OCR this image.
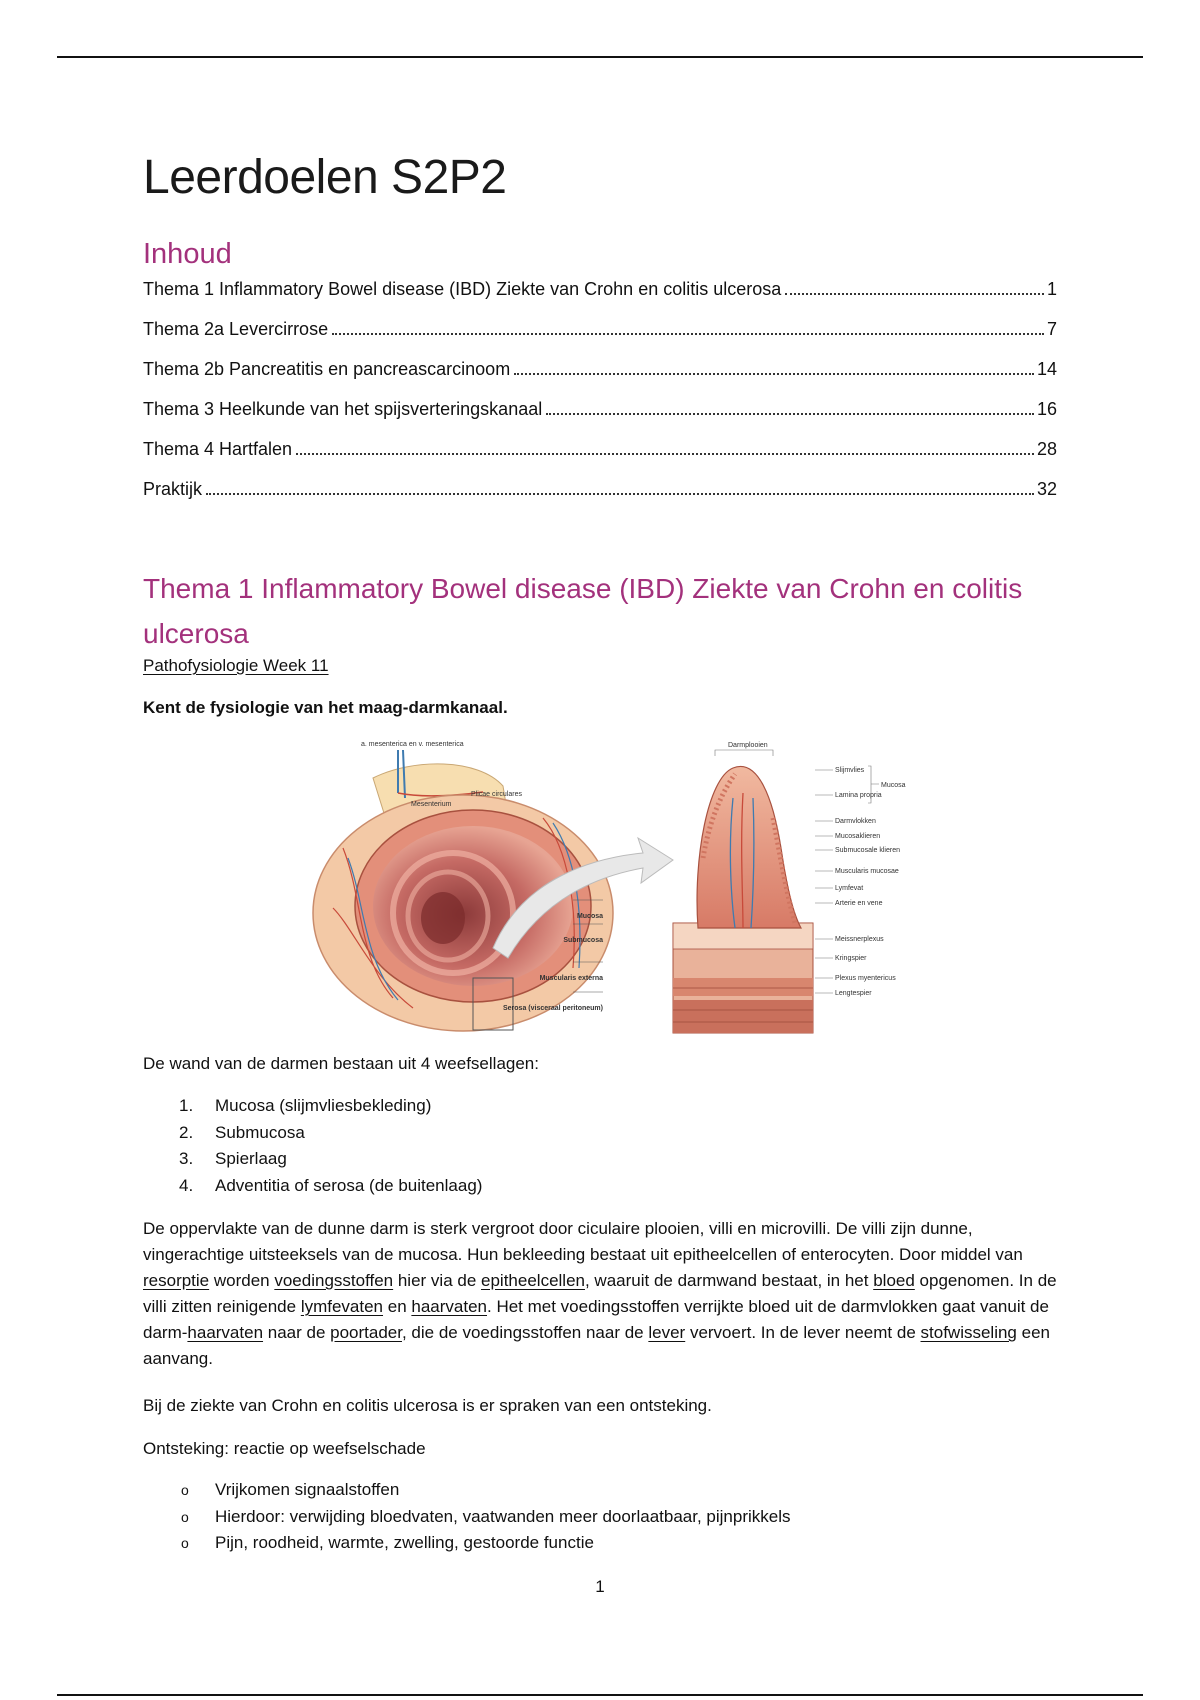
Leerdoelen S2P2
Inhoud
Thema 1 Inflammatory Bowel disease (IBD) Ziekte van Crohn en colitis ulcerosa	1
Thema 2a Levercirrose	7
Thema 2b Pancreatitis en pancreascarcinoom	14
Thema 3 Heelkunde van het spijsverteringskanaal	16
Thema 4 Hartfalen	28
Praktijk	32
Thema 1 Inflammatory Bowel disease (IBD) Ziekte van Crohn en colitis ulcerosa
Pathofysiologie Week 11
Kent de fysiologie van het maag-darmkanaal.
a. mesenterica en v. mesenterica
Mesenterium
Plicae circulares
Mucosa
Submucosa
Muscularis externa
Serosa (visceraal peritoneum)
Darmplooien
Slijmvlies
Lamina propria
Darmvlokken
Mucosaklieren
Submucosale klieren
Muscularis mucosae
Lymfevat
Arterie en vene
Meissnerplexus
Kringspier
Plexus myentericus
Lengtespier
Mucosa
De wand van de darmen bestaan uit 4 weefsellagen:
1.	Mucosa (slijmvliesbekleding)
2.	Submucosa
3.	Spierlaag
4.	Adventitia of serosa (de buitenlaag)

De oppervlakte van de dunne darm is sterk vergroot door ciculaire plooien, villi en microvilli. De villi zijn dunne, vingerachtige uitsteeksels van de mucosa. Hun bekleeding bestaat uit epitheelcellen of enterocyten. Door middel van resorptie worden voedingsstoffen hier via de epitheelcellen, waaruit de darmwand bestaat, in het bloed opgenomen. In de villi zitten reinigende lymfevaten en haarvaten. Het met voedingsstoffen verrijkte bloed uit de darmvlokken gaat vanuit de darm-haarvaten naar de poortader, die de voedingsstoffen naar de lever vervoert. In de lever neemt de stofwisseling een aanvang.

Bij de ziekte van Crohn en colitis ulcerosa is er spraken van een ontsteking.
Ontsteking: reactie op weefselschade
o	Vrijkomen signaalstoffen
o	Hierdoor: verwijding bloedvaten, vaatwanden meer doorlaatbaar, pijnprikkels
o	Pijn, roodheid, warmte, zwelling, gestoorde functie
1
